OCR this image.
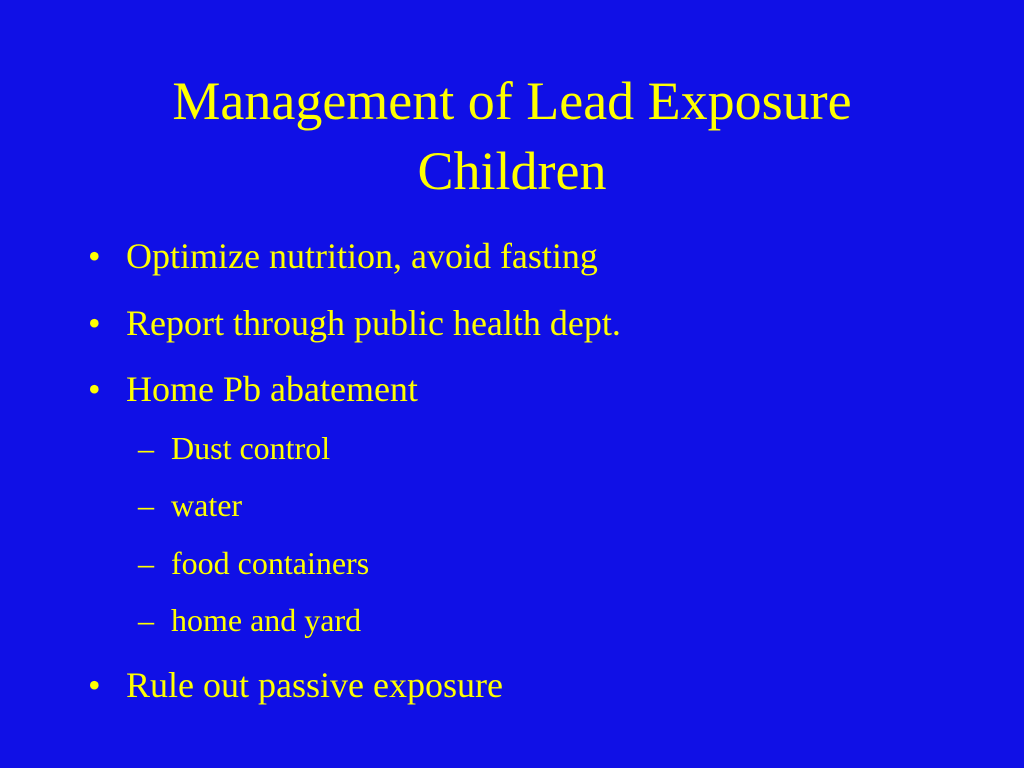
Management of Lead Exposure
Children
• Optimize nutrition, avoid fasting
• Report through public health dept.
• Home Pb abatement
– Dust control
– water
– food containers
– home and yard
• Rule out passive exposure
